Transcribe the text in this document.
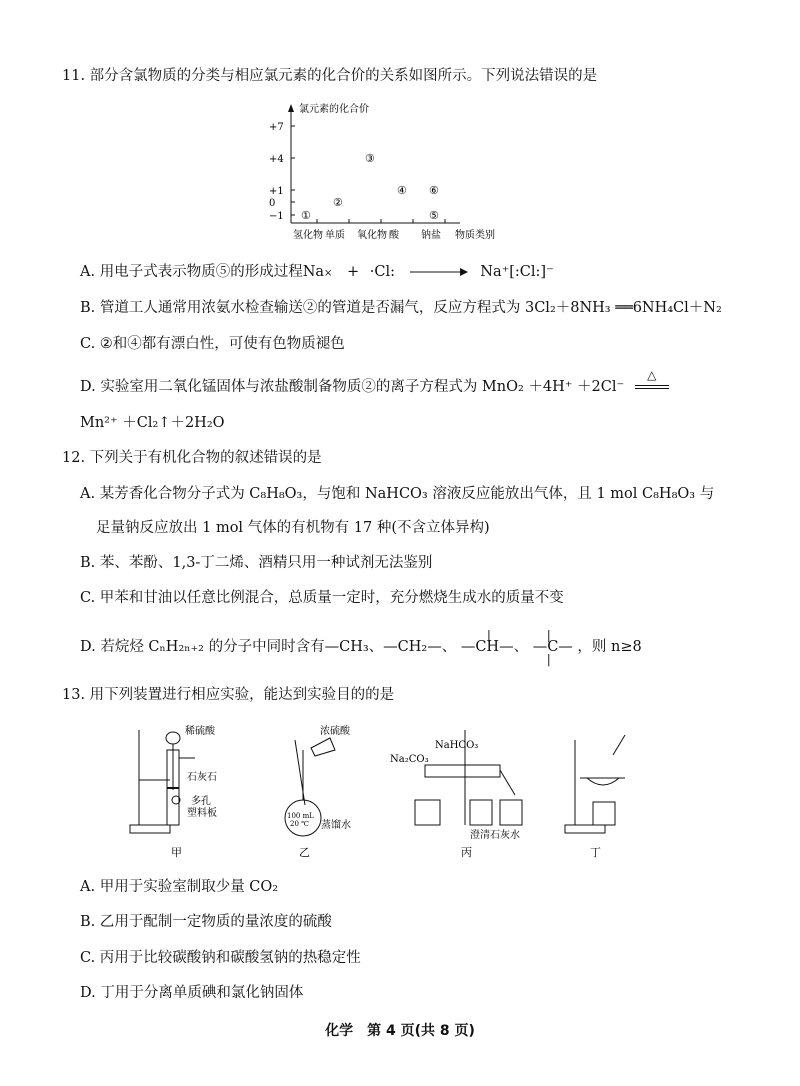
11. 部分含氯物质的分类与相应氯元素的化合价的关系如图所示。下列说法错误的是
氯元素的化合价
+7
+4
+1
0
−1
氢化物 单质 氧化物 酸 钠盐 物质类别
①
②
③
④ ⑥
⑤
A. 用电子式表示物质⑤的形成过程Na× + ·Cl:	Na⁺[:Cl:]⁻
B. 管道工人通常用浓氨水检查输送②的管道是否漏气，反应方程式为 3Cl₂＋8NH₃ ══6NH₄Cl＋N₂
C. ②和④都有漂白性，可使有色物质褪色
D. 实验室用二氧化锰固体与浓盐酸制备物质②的离子方程式为 MnO₂ ＋4H⁺ ＋2Cl⁻
△
Mn²⁺ ＋Cl₂↑＋2H₂O
12. 下列关于有机化合物的叙述错误的是
A. 某芳香化合物分子式为 C₈H₈O₃，与饱和 NaHCO₃ 溶液反应能放出气体，且 1 mol C₈H₈O₃ 与
足量钠反应放出 1 mol 气体的有机物有 17 种(不含立体异构)
B. 苯、苯酚、1,3-丁二烯、酒精只用一种试剂无法鉴别
C. 甲苯和甘油以任意比例混合，总质量一定时，充分燃烧生成水的质量不变
D. 若烷烃 CₙH₂ₙ₊₂ 的分子中同时含有—CH₃、—CH₂—、
|
—CH—、
|
—C—
|
，则 n≥8
13. 用下列装置进行相应实验，能达到实验目的的是
稀硫酸
石灰石
多孔
塑料板
甲
浓硫酸
100 mL
20 ℃ 蒸馏水
乙
NaHCO₃
Na₂CO₃
澄清石灰水
丙	丁
A. 甲用于实验室制取少量 CO₂
B. 乙用于配制一定物质的量浓度的硫酸
C. 丙用于比较碳酸钠和碳酸氢钠的热稳定性
D. 丁用于分离单质碘和氯化钠固体
化学　第 4 页(共 8 页)
